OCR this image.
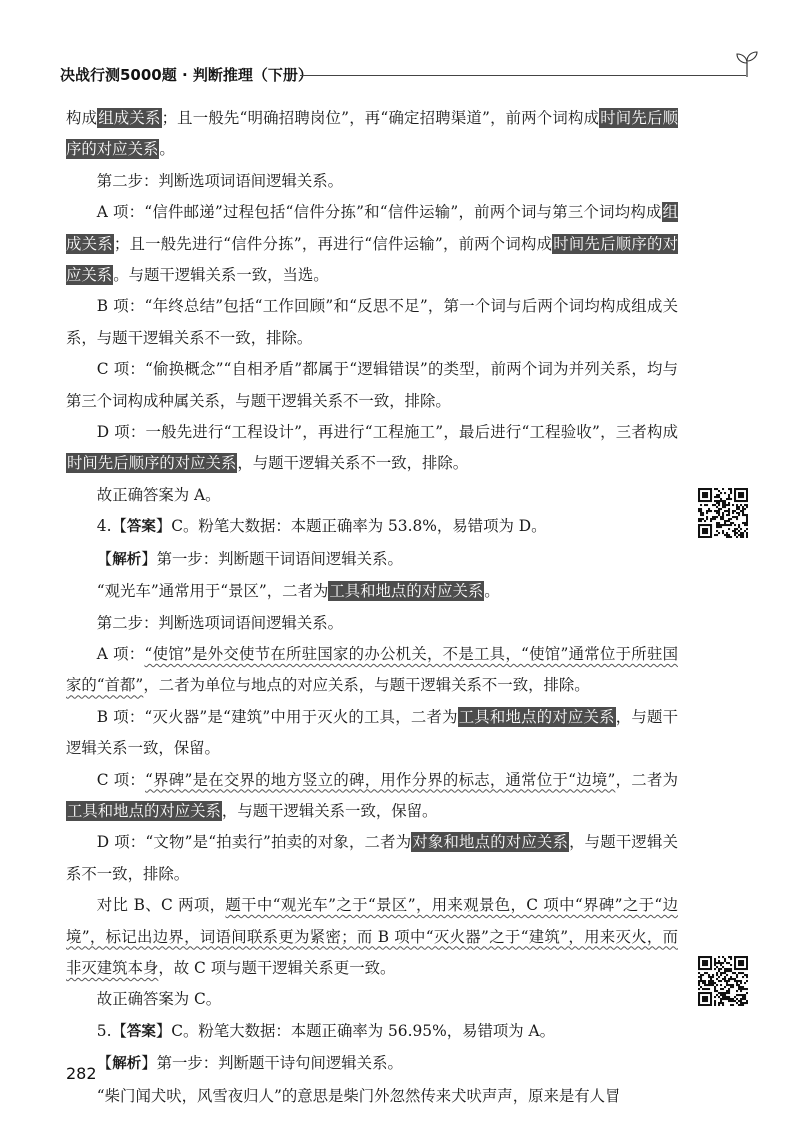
决战行测5000题 · 判断推理（下册）

构成组成关系；且一般先“明确招聘岗位”，再“确定招聘渠道”，前两个词构成时间先后顺序的对应关系。

第二步：判断选项词语间逻辑关系。

A 项：“信件邮递”过程包括“信件分拣”和“信件运输”，前两个词与第三个词均构成组成关系；且一般先进行“信件分拣”，再进行“信件运输”，前两个词构成时间先后顺序的对应关系。与题干逻辑关系一致，当选。

B 项：“年终总结”包括“工作回顾”和“反思不足”，第一个词与后两个词均构成组成关系，与题干逻辑关系不一致，排除。

C 项：“偷换概念”“自相矛盾”都属于“逻辑错误”的类型，前两个词为并列关系，均与第三个词构成种属关系，与题干逻辑关系不一致，排除。

D 项：一般先进行“工程设计”，再进行“工程施工”，最后进行“工程验收”，三者构成时间先后顺序的对应关系，与题干逻辑关系不一致，排除。

故正确答案为 A。

4.【答案】C。粉笔大数据：本题正确率为 53.8%，易错项为 D。

【解析】第一步：判断题干词语间逻辑关系。

“观光车”通常用于“景区”，二者为工具和地点的对应关系。

第二步：判断选项词语间逻辑关系。

A 项：“使馆”是外交使节在所驻国家的办公机关，不是工具，“使馆”通常位于所驻国家的“首都”，二者为单位与地点的对应关系，与题干逻辑关系不一致，排除。

B 项：“灭火器”是“建筑”中用于灭火的工具，二者为工具和地点的对应关系，与题干逻辑关系一致，保留。

C 项：“界碑”是在交界的地方竖立的碑，用作分界的标志，通常位于“边境”，二者为工具和地点的对应关系，与题干逻辑关系一致，保留。

D 项：“文物”是“拍卖行”拍卖的对象，二者为对象和地点的对应关系，与题干逻辑关系不一致，排除。

对比 B、C 两项，题干中“观光车”之于“景区”，用来观景色，C 项中“界碑”之于“边境”，标记出边界，词语间联系更为紧密；而 B 项中“灭火器”之于“建筑”，用来灭火，而非灭建筑本身，故 C 项与题干逻辑关系更一致。

故正确答案为 C。

5.【答案】C。粉笔大数据：本题正确率为 56.95%，易错项为 A。

【解析】第一步：判断题干诗句间逻辑关系。

“柴门闻犬吠，风雪夜归人”的意思是柴门外忽然传来犬吠声声，原来是有人冒

282
